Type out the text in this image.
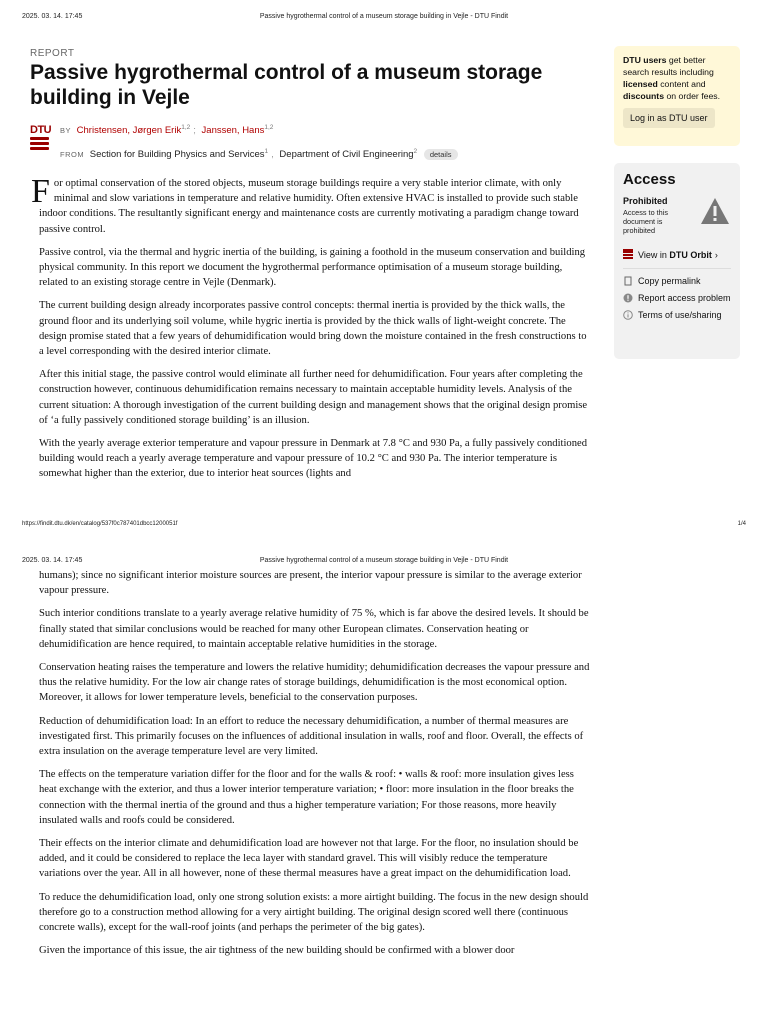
2025. 03. 14. 17:45	Passive hygrothermal control of a museum storage building in Vejle - DTU Findit
REPORT
Passive hygrothermal control of a museum storage building in Vejle
DTU BY Christensen, Jørgen Erik$^{1,2}$ ; Janssen, Hans$^{1,2}$
FROM Section for Building Physics and Services$^1$ , Department of Civil Engineering$^2$ details

For optimal conservation of the stored objects, museum storage buildings require a very stable interior climate, with only minimal and slow variations in temperature and relative humidity. Often extensive HVAC is installed to provide such stable indoor conditions. The resultantly significant energy and maintenance costs are currently motivating a paradigm change toward passive control.

Passive control, via the thermal and hygric inertia of the building, is gaining a foothold in the museum conservation and building physical community. In this report we document the hygrothermal performance optimisation of a museum storage building, related to an existing storage centre in Vejle (Denmark).

The current building design already incorporates passive control concepts: thermal inertia is provided by the thick walls, the ground floor and its underlying soil volume, while hygric inertia is provided by the thick walls of light-weight concrete. The design promise stated that a few years of dehumidification would bring down the moisture contained in the fresh constructions to a level corresponding with the desired interior climate.

After this initial stage, the passive control would eliminate all further need for dehumidification. Four years after completing the construction however, continuous dehumidification remains necessary to maintain acceptable humidity levels. Analysis of the current situation: A thorough investigation of the current building design and management shows that the original design promise of ‘a fully passively conditioned storage building’ is an illusion.

With the yearly average exterior temperature and vapour pressure in Denmark at 7.8 °C and 930 Pa, a fully passively conditioned building would reach a yearly average temperature and vapour pressure of 10.2 °C and 930 Pa. The interior temperature is somewhat higher than the exterior, due to interior heat sources (lights and

DTU users get better search results including licensed content and discounts on order fees.
Log in as DTU user
Access
Prohibited
Access to this document is prohibited
View in
DTU Orbit ›
Copy permalink
Report access problem
Terms of use/sharing
https://findit.dtu.dk/en/catalog/537f0c787401dbcc1200051f	1/4
2025. 03. 14. 17:45	Passive hygrothermal control of a museum storage building in Vejle - DTU Findit

humans); since no significant interior moisture sources are present, the interior vapour pressure is similar to the average exterior vapour pressure.

Such interior conditions translate to a yearly average relative humidity of 75 %, which is far above the desired levels. It should be finally stated that similar conclusions would be reached for many other European climates. Conservation heating or dehumidification are hence required, to maintain acceptable relative humidities in the storage.

Conservation heating raises the temperature and lowers the relative humidity; dehumidification decreases the vapour pressure and thus the relative humidity. For the low air change rates of storage buildings, dehumidification is the most economical option. Moreover, it allows for lower temperature levels, beneficial to the conservation purposes.

Reduction of dehumidification load: In an effort to reduce the necessary dehumidification, a number of thermal measures are investigated first. This primarily focuses on the influences of additional insulation in walls, roof and floor. Overall, the effects of extra insulation on the average temperature level are very limited.

The effects on the temperature variation differ for the floor and for the walls & roof: • walls & roof: more insulation gives less heat exchange with the exterior, and thus a lower interior temperature variation; • floor: more insulation in the floor breaks the connection with the thermal inertia of the ground and thus a higher temperature variation; For those reasons, more heavily insulated walls and roofs could be considered.

Their effects on the interior climate and dehumidification load are however not that large. For the floor, no insulation should be added, and it could be considered to replace the leca layer with standard gravel. This will visibly reduce the temperature variations over the year. All in all however, none of these thermal measures have a great impact on the dehumidification load.

To reduce the dehumidification load, only one strong solution exists: a more airtight building. The focus in the new design should therefore go to a construction method allowing for a very airtight building. The original design scored well there (continuous concrete walls), except for the wall-roof joints (and perhaps the perimeter of the big gates).

Given the importance of this issue, the air tightness of the new building should be confirmed with a blower door
